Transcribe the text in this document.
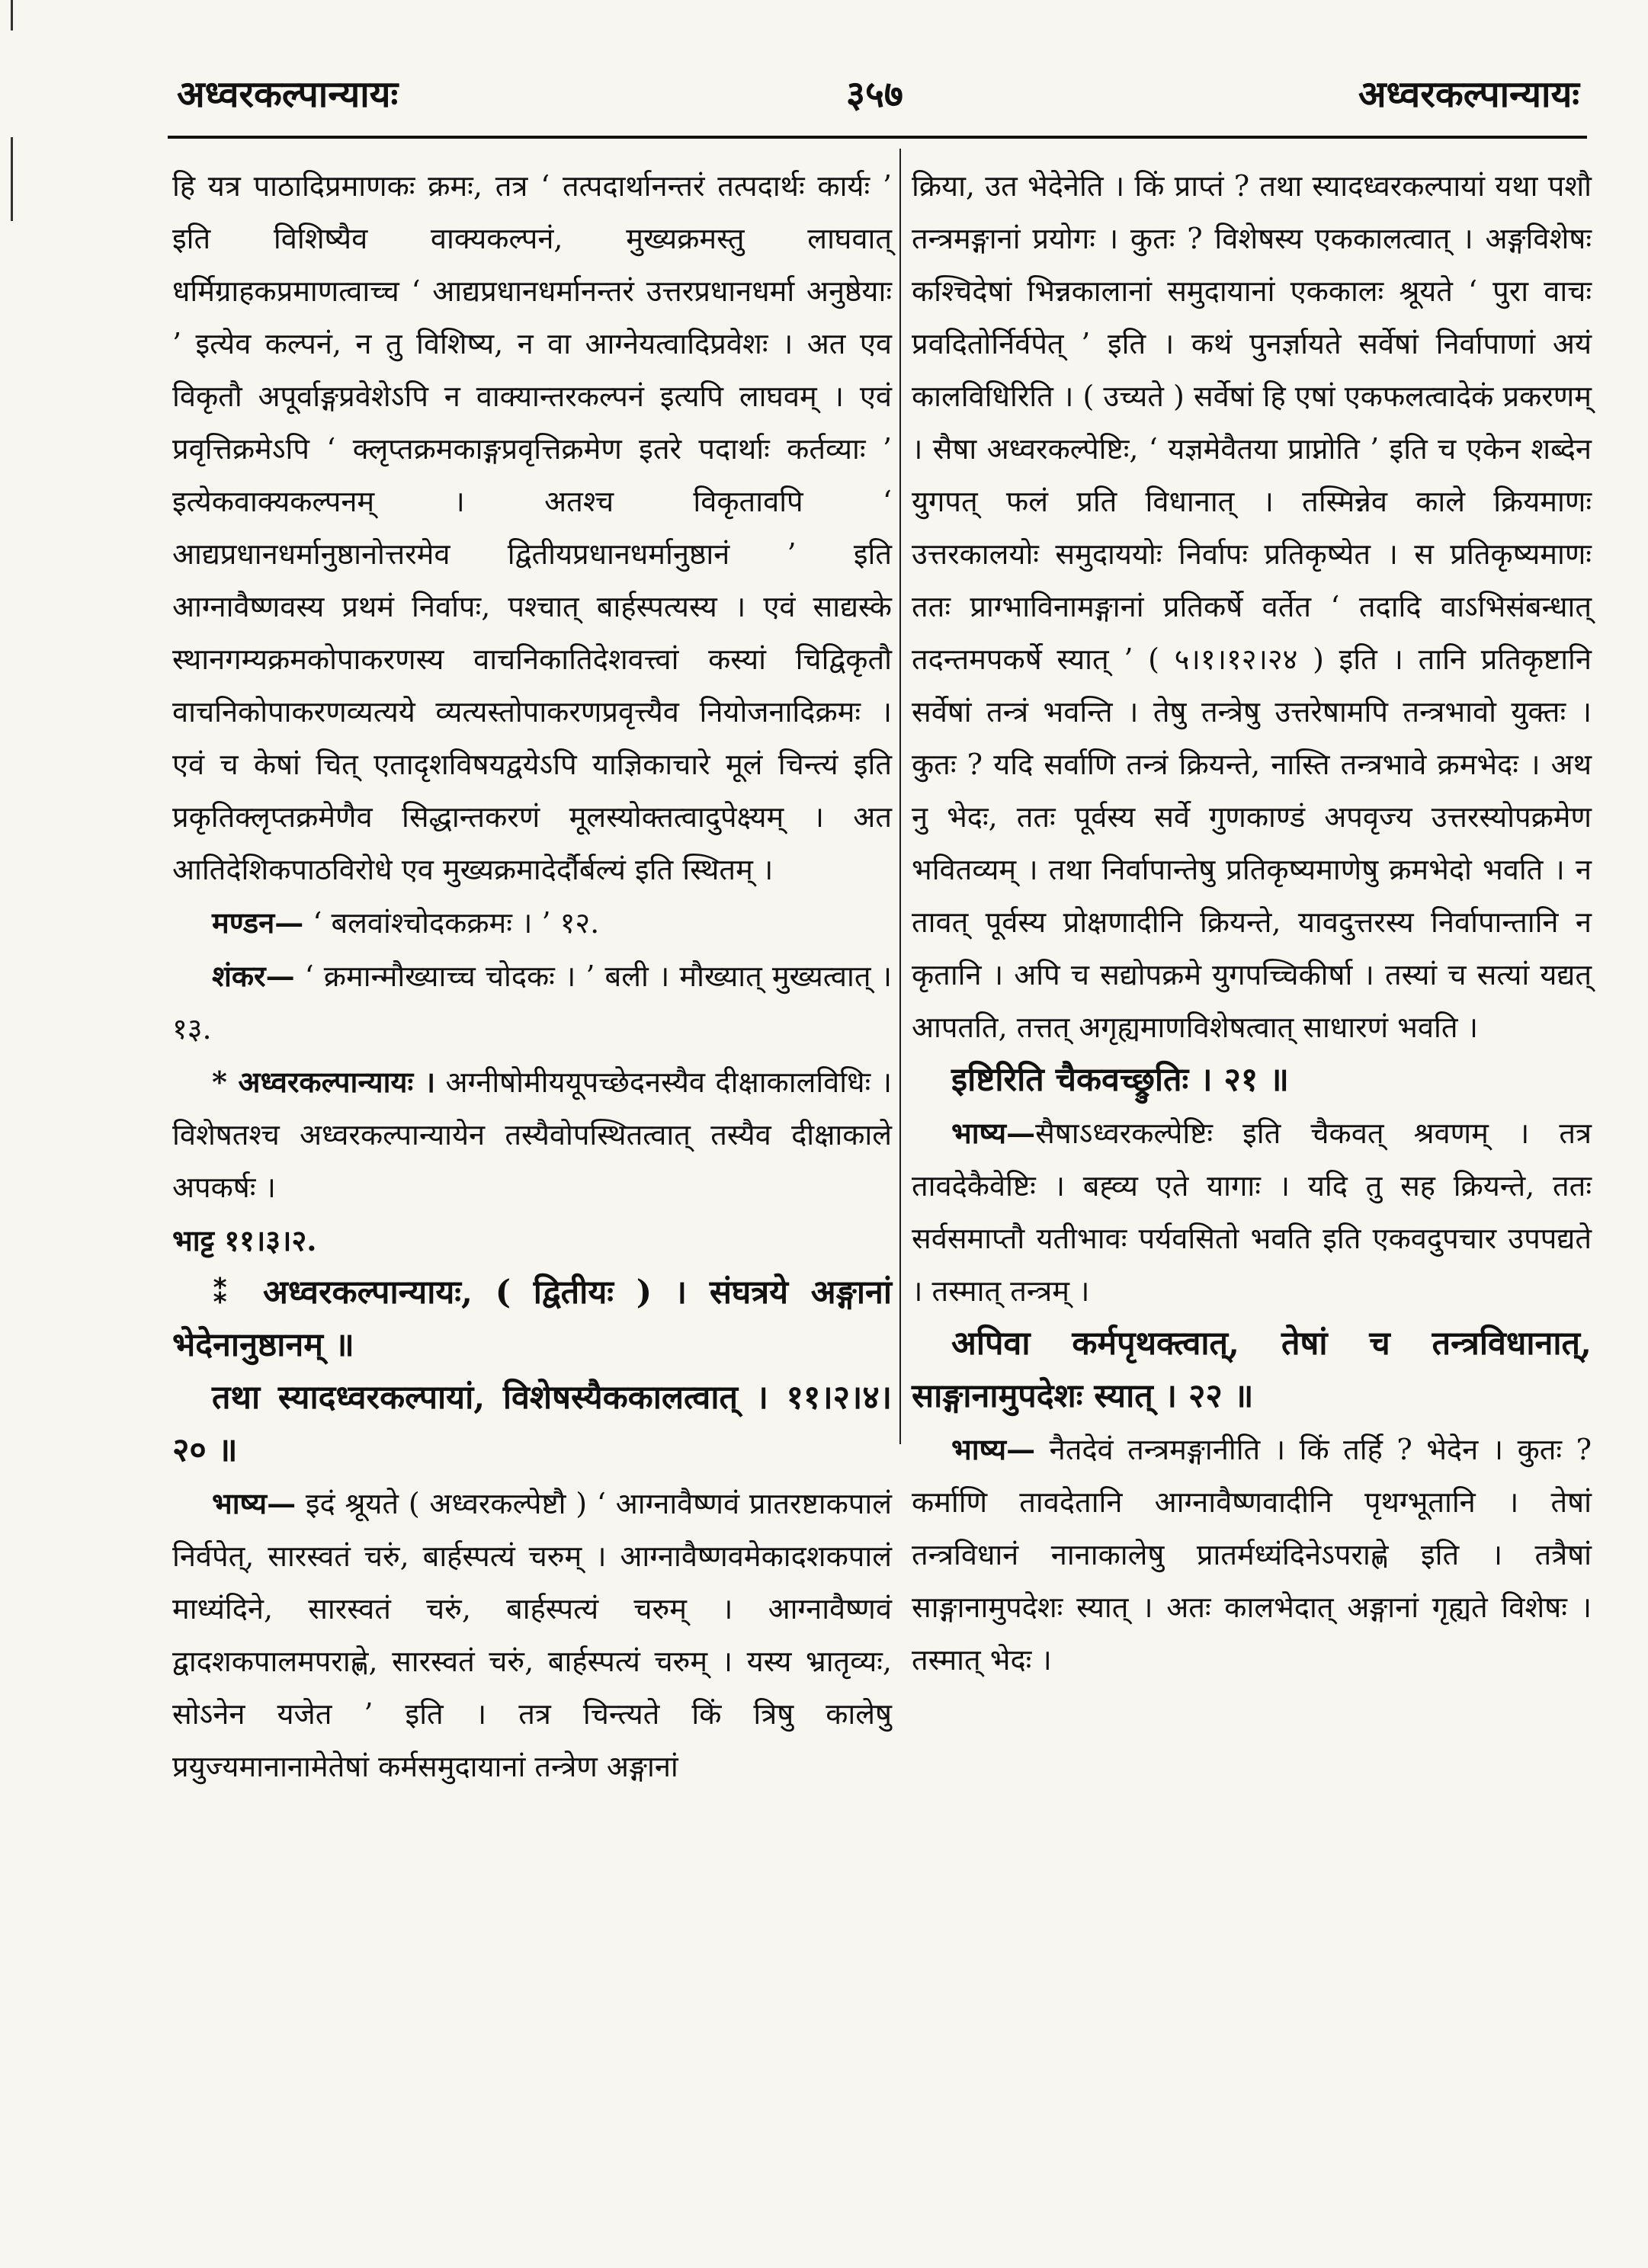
अध्वरकल्पान्यायः	३५७	अध्वरकल्पान्यायः

हि यत्र पाठादिप्रमाणकः क्रमः, तत्र ‘ तत्पदार्थानन्तरं तत्पदार्थः कार्यः ’ इति विशिष्यैव वाक्यकल्पनं, मुख्यक्रमस्तु लाघवात् धर्मिग्राहकप्रमाणत्वाच्च ‘ आद्यप्रधानधर्मानन्तरं उत्तरप्रधानधर्मा अनुष्ठेयाः ’ इत्येव कल्पनं, न तु विशिष्य, न वा आग्नेयत्वादिप्रवेशः । अत एव विकृतौ अपूर्वाङ्गप्रवेशेऽपि न वाक्यान्तरकल्पनं इत्यपि लाघवम् । एवं प्रवृत्तिक्रमेऽपि ‘ क्लृप्तक्रमकाङ्गप्रवृत्तिक्रमेण इतरे पदार्थाः कर्तव्याः ’ इत्येकवाक्यकल्पनम् । अतश्च विकृतावपि ‘ आद्यप्रधानधर्मानुष्ठानोत्तरमेव द्वितीयप्रधानधर्मानुष्ठानं ’ इति आग्नावैष्णवस्य प्रथमं निर्वापः, पश्चात् बार्हस्पत्यस्य । एवं साद्यस्के स्थानगम्यक्रमकोपाकरणस्य वाचनिकातिदेशवत्त्वां कस्यां चिद्विकृतौ वाचनिकोपाकरणव्यत्यये व्यत्यस्तोपाकरणप्रवृत्त्यैव नियोजनादिक्रमः । एवं च केषां चित् एतादृशविषयद्वयेऽपि याज्ञिकाचारे मूलं चिन्त्यं इति प्रकृतिक्लृप्तक्रमेणैव सिद्धान्तकरणं मूलस्योक्तत्वादुपेक्ष्यम् । अत आतिदेशिकपाठविरोधे एव मुख्यक्रमादेर्दौर्बल्यं इति स्थितम् ।

मण्डन— ‘ बलवांश्चोदकक्रमः । ’ १२.

शंकर— ‘ क्रमान्मौख्याच्च चोदकः । ’ बली । मौख्यात् मुख्यत्वात् । १३.

* अध्वरकल्पान्यायः । अग्नीषोमीययूपच्छेदनस्यैव दीक्षाकालविधिः । विशेषतश्च अध्वरकल्पान्यायेन तस्यैवोपस्थितत्वात् तस्यैव दीक्षाकाले अपकर्षः ।

भाट्ट ११।३।२.

⁑ अध्वरकल्पान्यायः, ( द्वितीयः ) । संघत्रये अङ्गानां भेदेनानुष्ठानम् ॥

तथा स्यादध्वरकल्पायां, विशेषस्यैककालत्वात् । ११।२।४।२० ॥

भाष्य— इदं श्रूयते ( अध्वरकल्पेष्टौ ) ‘ आग्नावैष्णवं प्रातरष्टाकपालं निर्वपेत्, सारस्वतं चरुं, बार्हस्पत्यं चरुम् । आग्नावैष्णवमेकादशकपालं माध्यंदिने, सारस्वतं चरुं, बार्हस्पत्यं चरुम् । आग्नावैष्णवं द्वादशकपालमपराह्णे, सारस्वतं चरुं, बार्हस्पत्यं चरुम् । यस्य भ्रातृव्यः, सोऽनेन यजेत ’ इति । तत्र चिन्त्यते किं त्रिषु कालेषु प्रयुज्यमानानामेतेषां कर्मसमुदायानां तन्त्रेण अङ्गानां

क्रिया, उत भेदेनेति । किं प्राप्तं ? तथा स्यादध्वरकल्पायां यथा पशौ तन्त्रमङ्गानां प्रयोगः । कुतः ? विशेषस्य एककालत्वात् । अङ्गविशेषः कश्चिदेषां भिन्नकालानां समुदायानां एककालः श्रूयते ‘ पुरा वाचः प्रवदितोर्निर्वपेत् ’ इति । कथं पुनर्ज्ञायते सर्वेषां निर्वापाणां अयं कालविधिरिति । ( उच्यते ) सर्वेषां हि एषां एकफलत्वादेकं प्रकरणम् । सैषा अध्वरकल्पेष्टिः, ‘ यज्ञमेवैतया प्राप्नोति ’ इति च एकेन शब्देन युगपत् फलं प्रति विधानात् । तस्मिन्नेव काले क्रियमाणः उत्तरकालयोः समुदाययोः निर्वापः प्रतिकृष्येत । स प्रतिकृष्यमाणः ततः प्राग्भाविनामङ्गानां प्रतिकर्षे वर्तेत ‘ तदादि वाऽभिसंबन्धात् तदन्तमपकर्षे स्यात् ’ ( ५।१।१२।२४ ) इति । तानि प्रतिकृष्टानि सर्वेषां तन्त्रं भवन्ति । तेषु तन्त्रेषु उत्तरेषामपि तन्त्रभावो युक्तः । कुतः ? यदि सर्वाणि तन्त्रं क्रियन्ते, नास्ति तन्त्रभावे क्रमभेदः । अथ नु भेदः, ततः पूर्वस्य सर्वे गुणकाण्डं अपवृज्य उत्तरस्योपक्रमेण भवितव्यम् । तथा निर्वापान्तेषु प्रतिकृष्यमाणेषु क्रमभेदो भवति । न तावत् पूर्वस्य प्रोक्षणादीनि क्रियन्ते, यावदुत्तरस्य निर्वापान्तानि न कृतानि । अपि च सद्योपक्रमे युगपच्चिकीर्षा । तस्यां च सत्यां यद्यत् आपतति, तत्तत् अगृह्यमाणविशेषत्वात् साधारणं भवति ।

इष्टिरिति चैकवच्छ्रुतिः । २१ ॥

भाष्य—सैषाऽध्वरकल्पेष्टिः इति चैकवत् श्रवणम् । तत्र तावदेकैवेष्टिः । बह्व्य एते यागाः । यदि तु सह क्रियन्ते, ततः सर्वसमाप्तौ यतीभावः पर्यवसितो भवति इति एकवदुपचार उपपद्यते । तस्मात् तन्त्रम् ।

अपिवा कर्मपृथक्त्वात्, तेषां च तन्त्रविधानात्, साङ्गानामुपदेशः स्यात् । २२ ॥

भाष्य— नैतदेवं तन्त्रमङ्गानीति । किं तर्हि ? भेदेन । कुतः ? कर्माणि तावदेतानि आग्नावैष्णवादीनि पृथग्भूतानि । तेषां तन्त्रविधानं नानाकालेषु प्रातर्मध्यंदिनेऽपराह्णे इति । तत्रैषां साङ्गानामुपदेशः स्यात् । अतः कालभेदात् अङ्गानां गृह्यते विशेषः । तस्मात् भेदः ।
